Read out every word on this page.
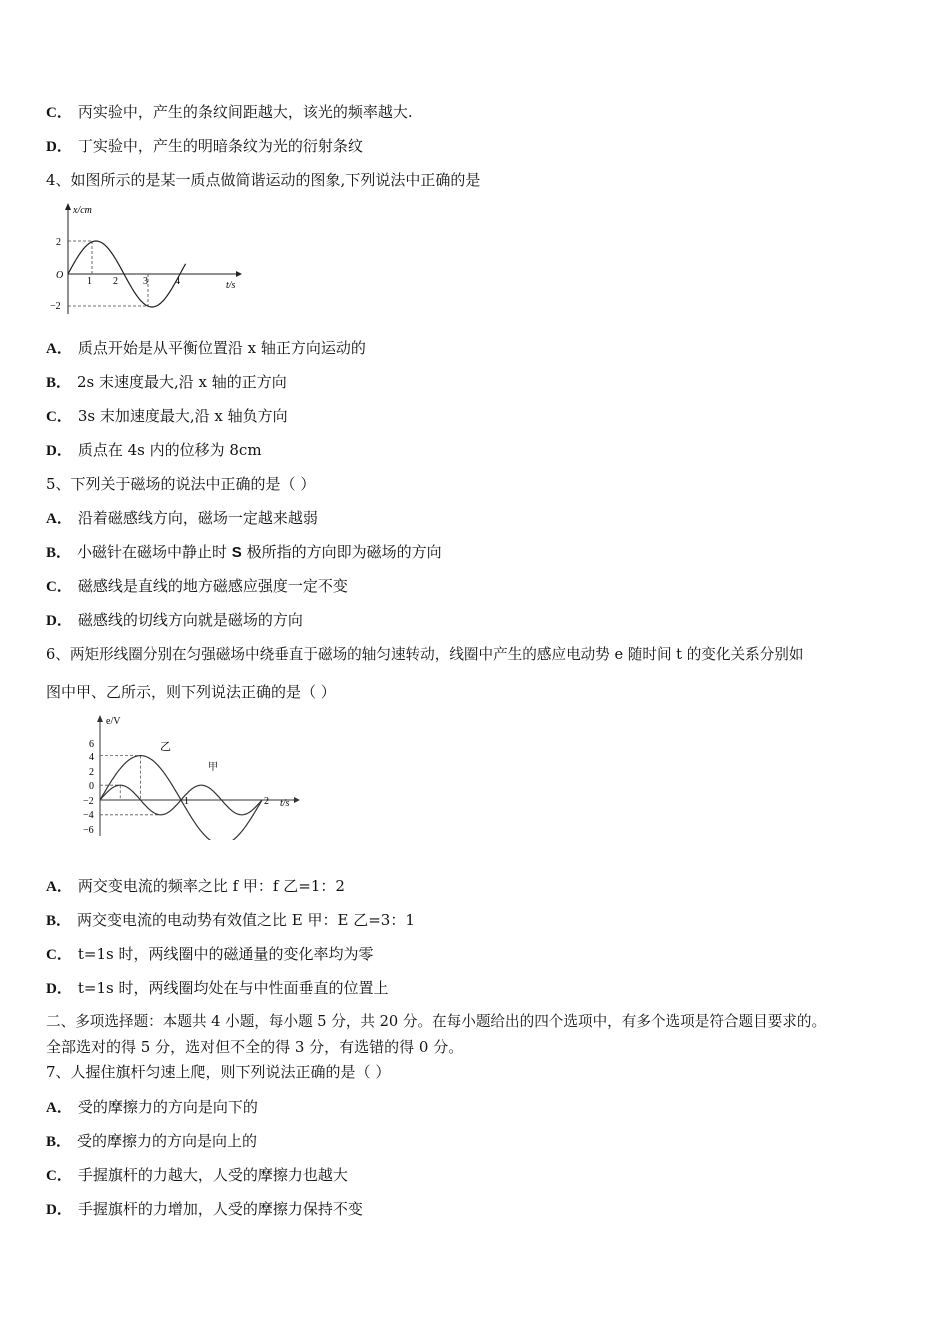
C． 丙实验中，产生的条纹间距越大，该光的频率越大.
D． 丁实验中，产生的明暗条纹为光的衍射条纹
4、如图所示的是某一质点做简谐运动的图象,下列说法中正确的是
x/cm
t/s
O
2
−2
1 2	3	4
A． 质点开始是从平衡位置沿 x 轴正方向运动的
B． 2s 末速度最大,沿 x 轴的正方向
C． 3s 末加速度最大,沿 x 轴负方向
D． 质点在 4s 内的位移为 8cm
5、下列关于磁场的说法中正确的是（ ）
A． 沿着磁感线方向，磁场一定越来越弱
B． 小磁针在磁场中静止时 S 极所指的方向即为磁场的方向
C． 磁感线是直线的地方磁感应强度一定不变
D． 磁感线的切线方向就是磁场的方向
6、两矩形线圈分别在匀强磁场中绕垂直于磁场的轴匀速转动，线圈中产生的感应电动势 e 随时间 t 的变化关系分别如
图中甲、乙所示，则下列说法正确的是（ ）
e/V
t/s
6
4
2
0
−2
−4
−6
1	2
乙
甲
A． 两交变电流的频率之比 f 甲：f 乙=1：2
B． 两交变电流的电动势有效值之比 E 甲：E 乙=3：1
C． t=1s 时，两线圈中的磁通量的变化率均为零
D． t=1s 时，两线圈均处在与中性面垂直的位置上
二、多项选择题：本题共 4 小题，每小题 5 分，共 20 分。在每小题给出的四个选项中，有多个选项是符合题目要求的。
全部选对的得 5 分，选对但不全的得 3 分，有选错的得 0 分。
7、人握住旗杆匀速上爬，则下列说法正确的是（ ）
A． 受的摩擦力的方向是向下的
B． 受的摩擦力的方向是向上的
C． 手握旗杆的力越大，人受的摩擦力也越大
D． 手握旗杆的力增加，人受的摩擦力保持不变
